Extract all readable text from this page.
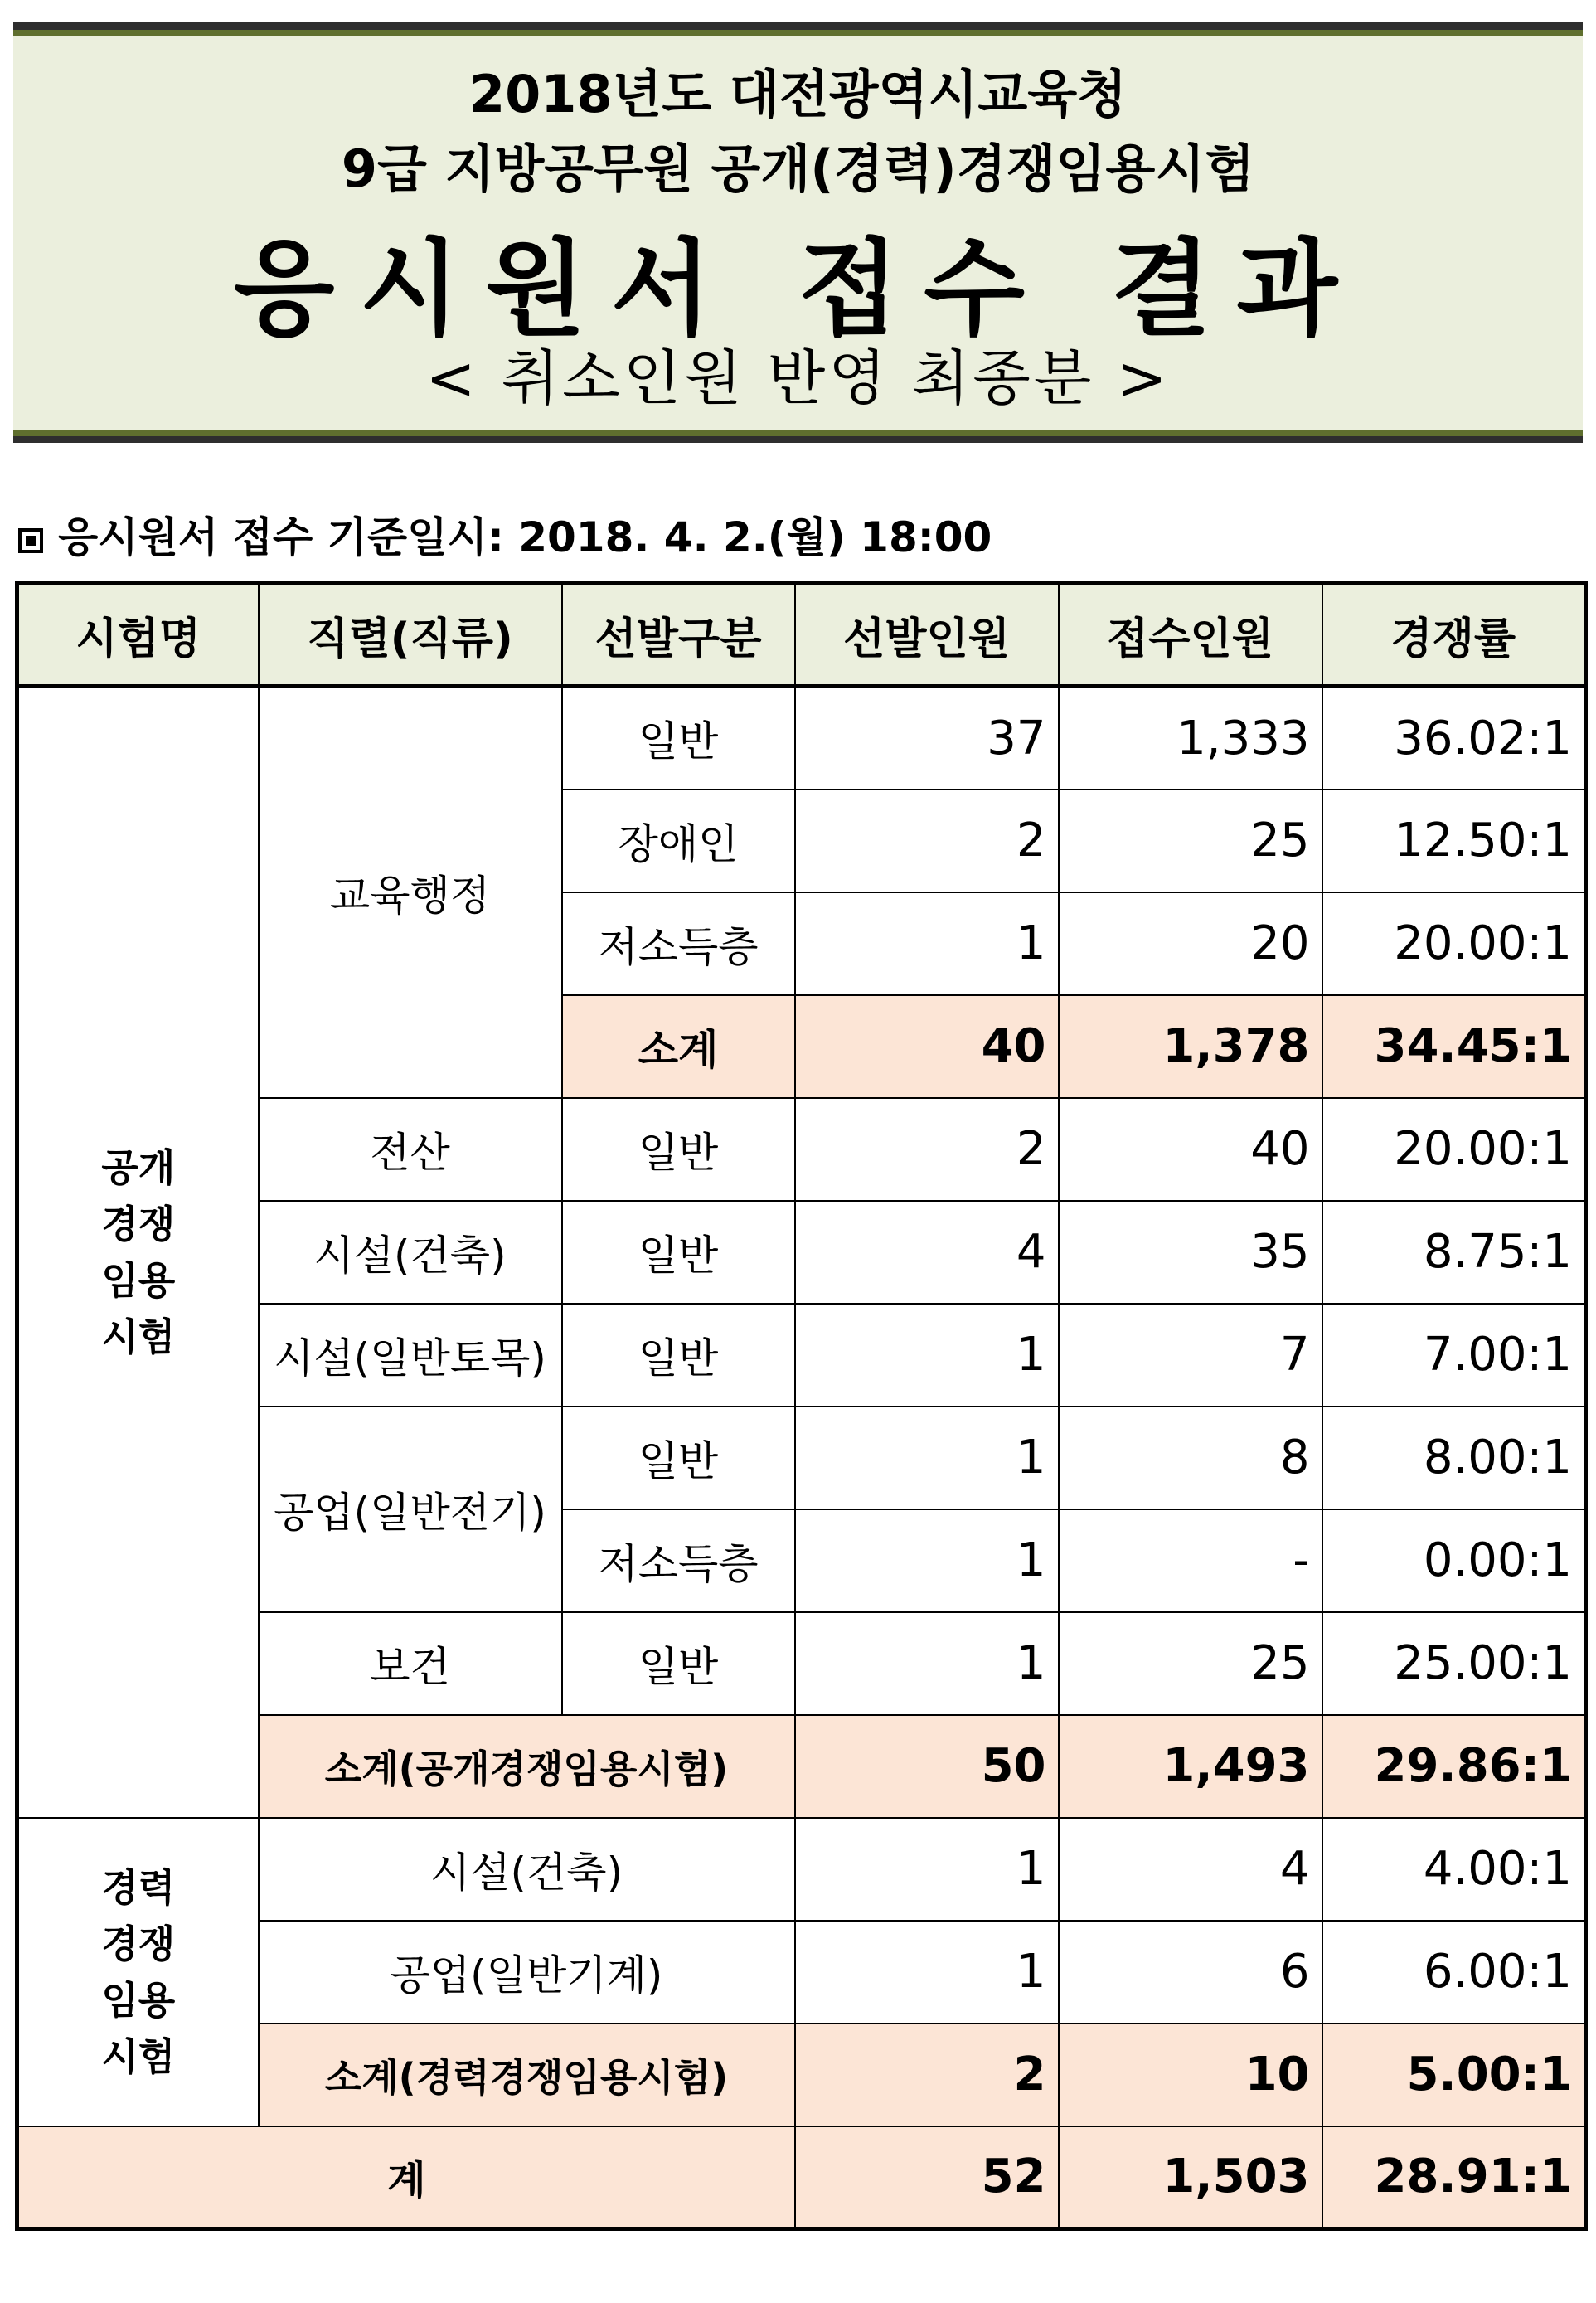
2018년도 대전광역시교육청
9급 지방공무원 공개(경력)경쟁임용시험
응시원서 접수 결과
< 취소인원 반영 최종분 >
응시원서 접수 기준일시: 2018. 4. 2.(월) 18:00
시험명	직렬(직류)	선발구분	선발인원	접수인원	경쟁률
공개
경쟁
임용
시험	교육행정	일반	37	1,333	36.02:1
		장애인	2	25	12.50:1
		저소득층	1	20	20.00:1
		소계	40	1,378	34.45:1
	전산	일반	2	40	20.00:1
	시설(건축)	일반	4	35	8.75:1
	시설(일반토목)	일반	1	7	7.00:1
	공업(일반전기)	일반	1	8	8.00:1
		저소득층	1	-	0.00:1
	보건	일반	1	25	25.00:1
	소계(공개경쟁임용시험)		50	1,493	29.86:1
경력
경쟁
임용
시험	시설(건축)		1	4	4.00:1
	공업(일반기계)		1	6	6.00:1
	소계(경력경쟁임용시험)		2	10	5.00:1
계			52	1,503	28.91:1
